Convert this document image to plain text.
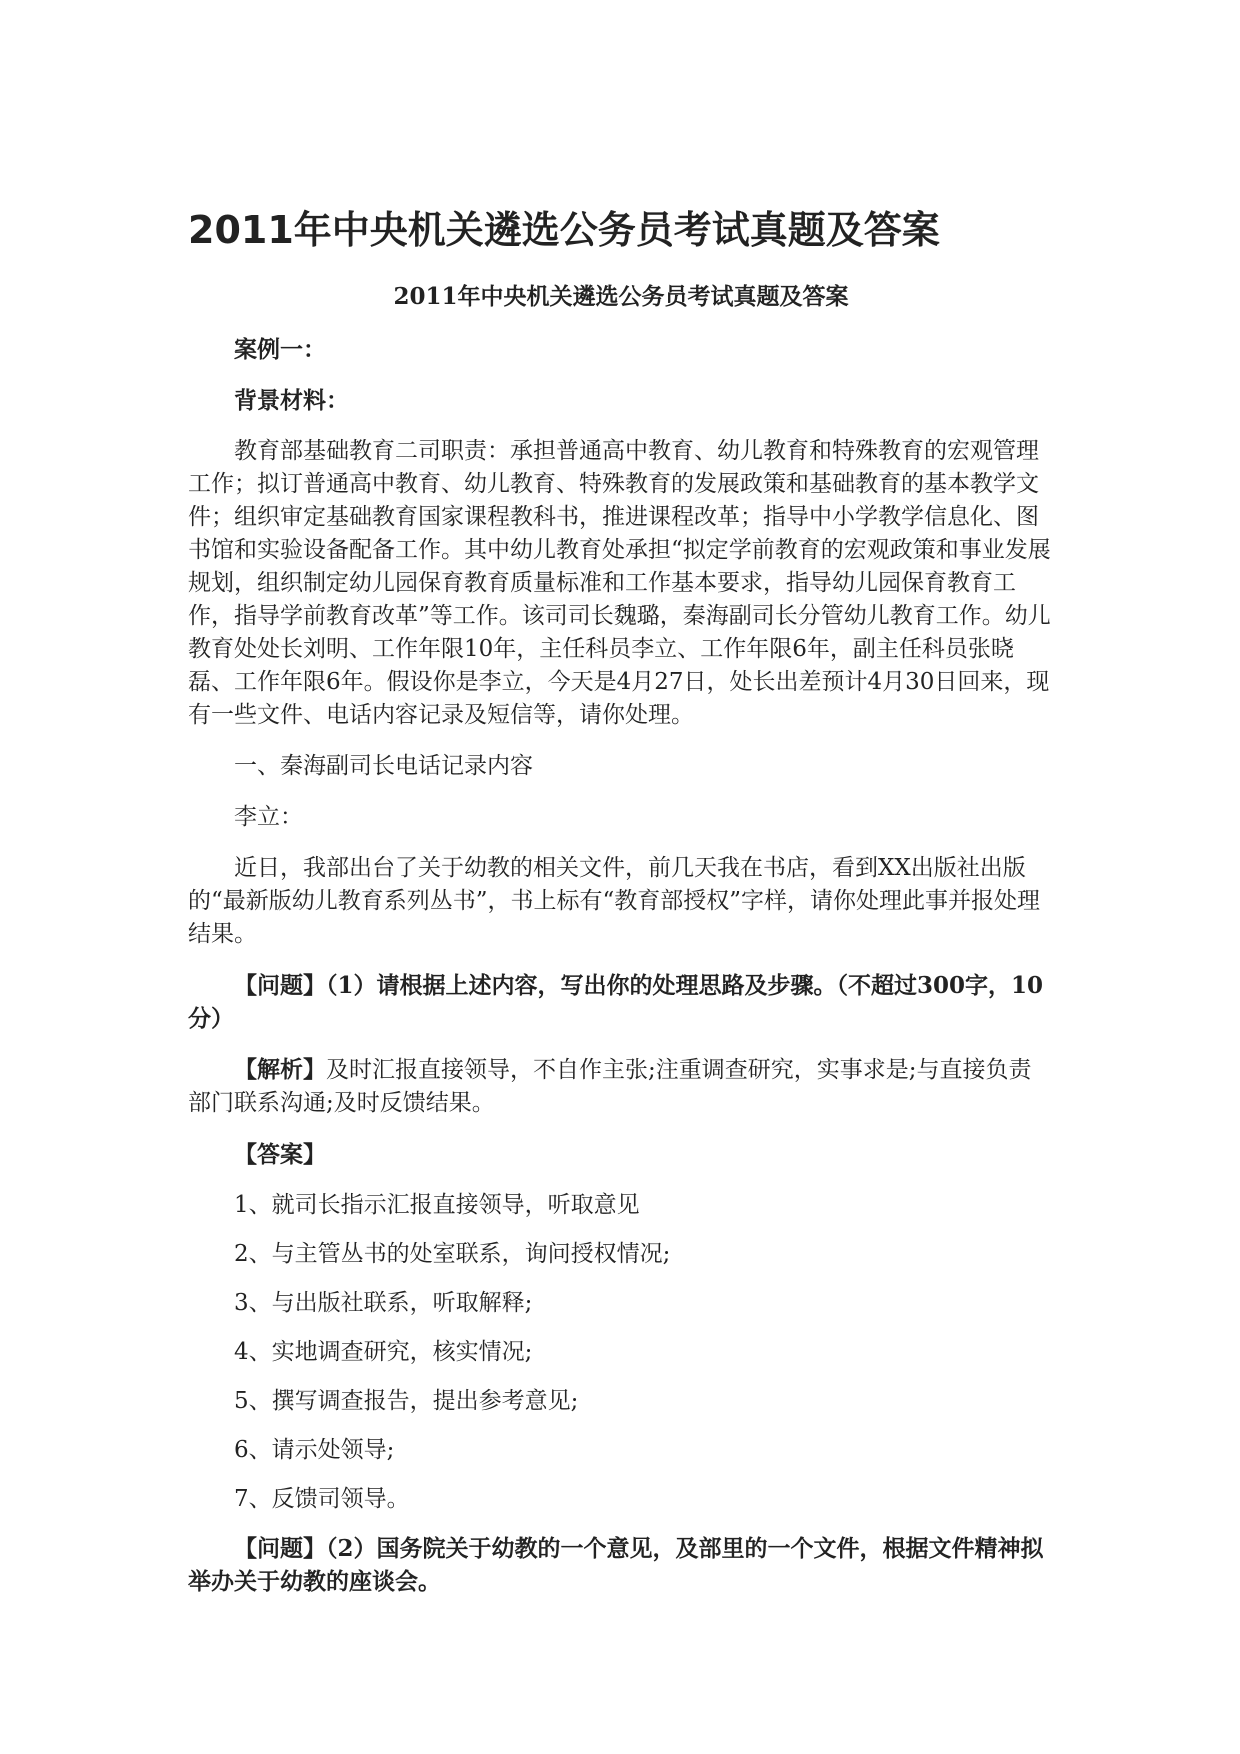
2011年中央机关遴选公务员考试真题及答案
2011年中央机关遴选公务员考试真题及答案

案例一：

背景材料：

教育部基础教育二司职责：承担普通高中教育、幼儿教育和特殊教育的宏观管理工作；拟订普通高中教育、幼儿教育、特殊教育的发展政策和基础教育的基本教学文件；组织审定基础教育国家课程教科书，推进课程改革；指导中小学教学信息化、图书馆和实验设备配备工作。其中幼儿教育处承担“拟定学前教育的宏观政策和事业发展规划，组织制定幼儿园保育教育质量标准和工作基本要求，指导幼儿园保育教育工作，指导学前教育改革”等工作。该司司长魏璐，秦海副司长分管幼儿教育工作。幼儿教育处处长刘明、工作年限10年，主任科员李立、工作年限6年，副主任科员张晓磊、工作年限6年。假设你是李立，今天是4月27日，处长出差预计4月30日回来，现有一些文件、电话内容记录及短信等，请你处理。

一、秦海副司长电话记录内容

李立：

近日，我部出台了关于幼教的相关文件，前几天我在书店，看到XX出版社出版的“最新版幼儿教育系列丛书”，书上标有“教育部授权”字样，请你处理此事并报处理结果。

【问题】（1）请根据上述内容，写出你的处理思路及步骤。（不超过300字，10分）

【解析】及时汇报直接领导，不自作主张;注重调查研究，实事求是;与直接负责部门联系沟通;及时反馈结果。

【答案】

1、就司长指示汇报直接领导，听取意见

2、与主管丛书的处室联系，询问授权情况;

3、与出版社联系，听取解释;

4、实地调查研究，核实情况;

5、撰写调查报告，提出参考意见;

6、请示处领导;

7、反馈司领导。

【问题】（2）国务院关于幼教的一个意见，及部里的一个文件，根据文件精神拟举办关于幼教的座谈会。
